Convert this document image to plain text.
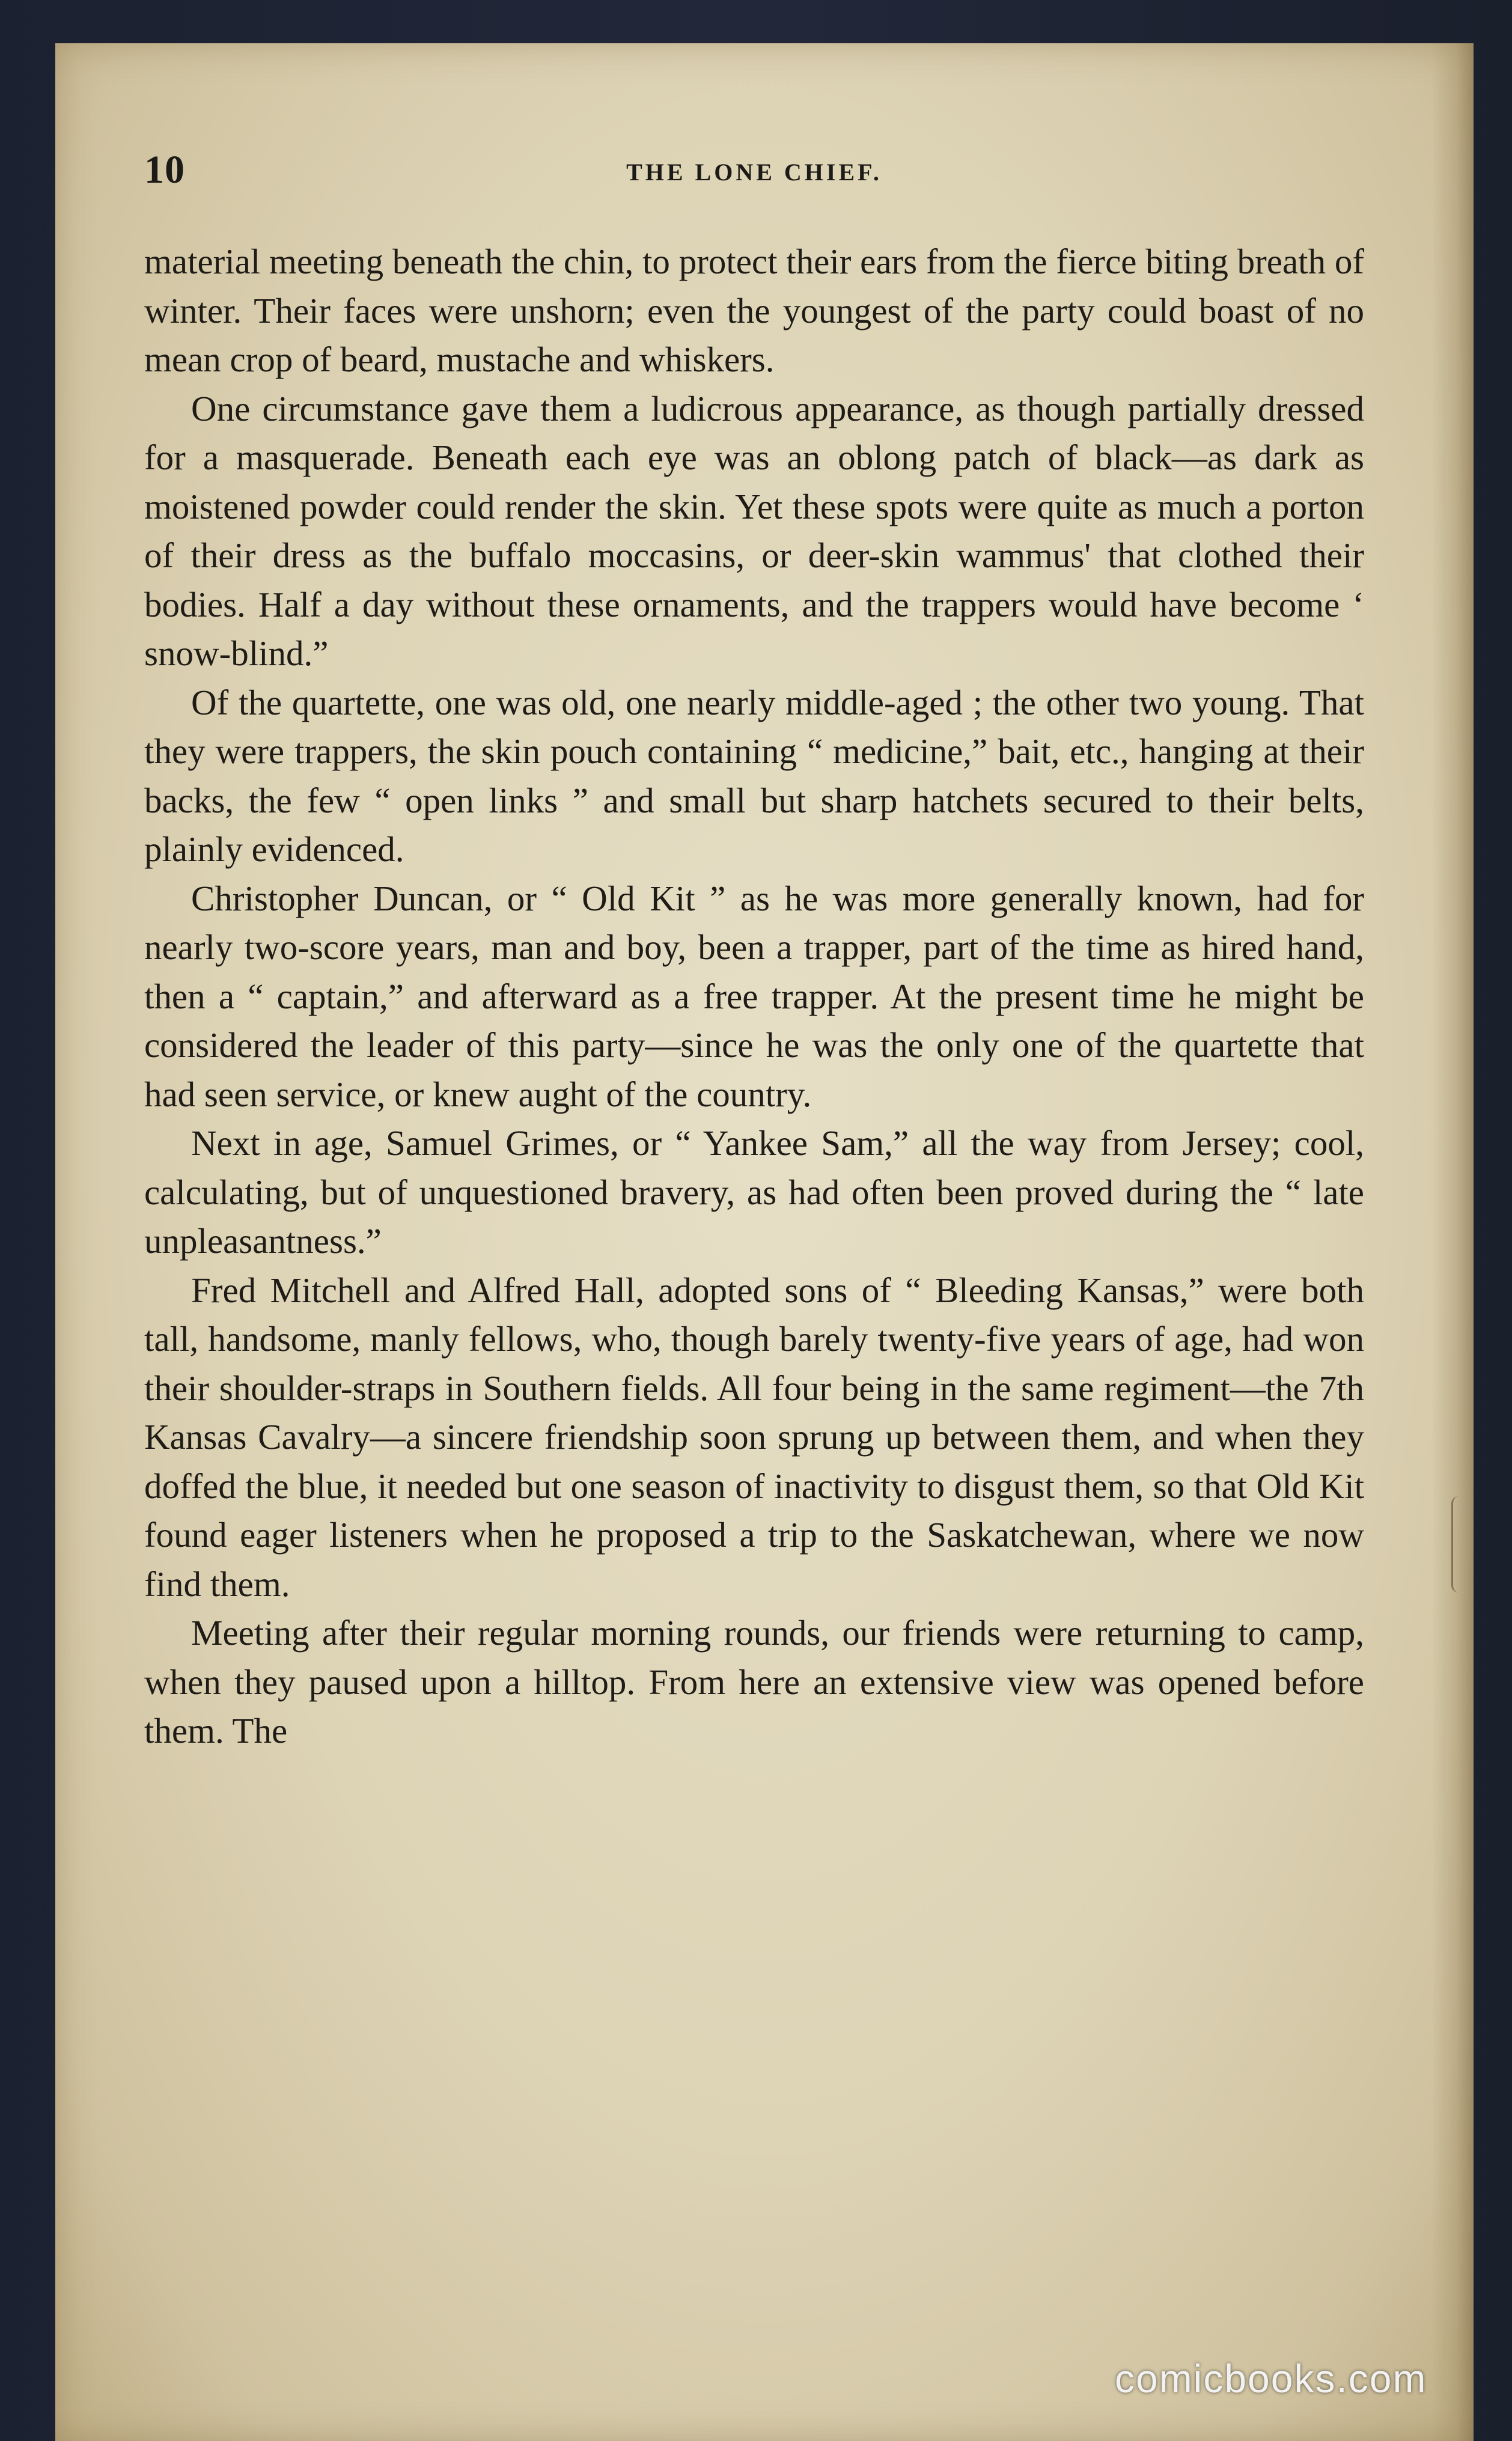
10	THE LONE CHIEF.

material meeting beneath the chin, to protect their ears from the fierce biting breath of winter. Their faces were unshorn; even the youngest of the party could boast of no mean crop of beard, mustache and whiskers.

One circumstance gave them a ludicrous appearance, as though partially dressed for a masquerade. Beneath each eye was an oblong patch of black—as dark as moistened powder could render the skin. Yet these spots were quite as much a porton of their dress as the buffalo moccasins, or deer-skin wammus' that clothed their bodies. Half a day without these ornaments, and the trappers would have become ‘ snow-blind.”

Of the quartette, one was old, one nearly middle-aged ; the other two young. That they were trappers, the skin pouch containing “ medicine,” bait, etc., hanging at their backs, the few “ open links ” and small but sharp hatchets secured to their belts, plainly evidenced.

Christopher Duncan, or “ Old Kit ” as he was more generally known, had for nearly two-score years, man and boy, been a trapper, part of the time as hired hand, then a “ captain,” and afterward as a free trapper. At the present time he might be considered the leader of this party—since he was the only one of the quartette that had seen service, or knew aught of the country.

Next in age, Samuel Grimes, or “ Yankee Sam,” all the way from Jersey; cool, calculating, but of unquestioned bravery, as had often been proved during the “ late unpleasantness.”

Fred Mitchell and Alfred Hall, adopted sons of “ Bleeding Kansas,” were both tall, handsome, manly fellows, who, though barely twenty-five years of age, had won their shoulder-straps in Southern fields. All four being in the same regiment—the 7th Kansas Cavalry—a sincere friendship soon sprung up between them, and when they doffed the blue, it needed but one season of inactivity to disgust them, so that Old Kit found eager listeners when he proposed a trip to the Saskatchewan, where we now find them.

Meeting after their regular morning rounds, our friends were returning to camp, when they paused upon a hilltop. From here an extensive view was opened before them. The

comicbooks.com
